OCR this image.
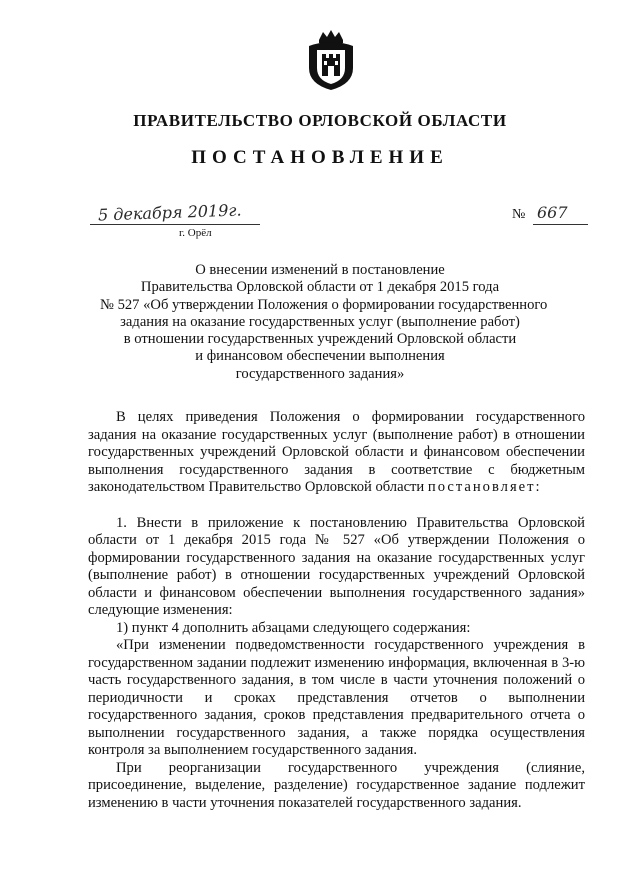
ПРАВИТЕЛЬСТВО ОРЛОВСКОЙ ОБЛАСТИ
ПОСТАНОВЛЕНИЕ
5 декабря 2019г.
г. Орёл
№ 667
О внесении изменений в постановление
Правительства Орловской области от 1 декабря 2015 года
№ 527 «Об утверждении Положения о формировании государственного
задания на оказание государственных услуг (выполнение работ)
в отношении государственных учреждений Орловской области
и финансовом обеспечении выполнения
государственного задания»

В целях приведения Положения о формировании государственного задания на оказание государственных услуг (выполнение работ) в отношении государственных учреждений Орловской области и финансовом обеспечении выполнения государственного задания в соответствие с бюджетным законодательством Правительство Орловской области постановляет:

1. Внести в приложение к постановлению Правительства Орловской области от 1 декабря 2015 года № 527 «Об утверждении Положения о формировании государственного задания на оказание государственных услуг (выполнение работ) в отношении государственных учреждений Орловской области и финансовом обеспечении выполнения государственного задания» следующие изменения:

1) пункт 4 дополнить абзацами следующего содержания:

«При изменении подведомственности государственного учреждения в государственном задании подлежит изменению информация, включенная в 3-ю часть государственного задания, в том числе в части уточнения положений о периодичности и сроках представления отчетов о выполнении государственного задания, сроков представления предварительного отчета о выполнении государственного задания, а также порядка осуществления контроля за выполнением государственного задания.

При реорганизации государственного учреждения (слияние, присоединение, выделение, разделение) государственное задание подлежит изменению в части уточнения показателей государственного задания.
